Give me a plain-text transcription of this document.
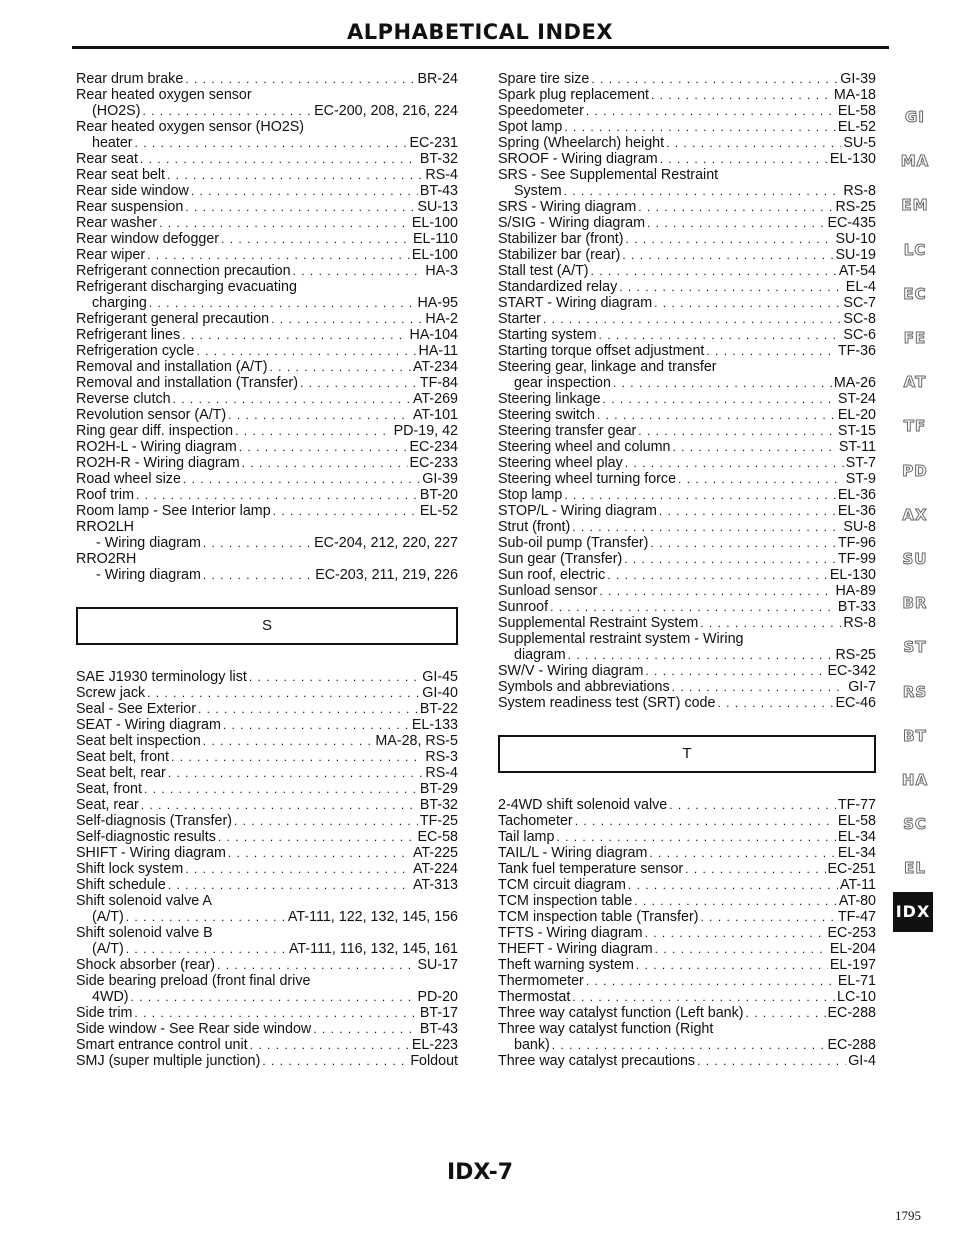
ALPHABETICAL INDEX
Rear drum brake . . .	BR-24
Rear heated oxygen sensor
(HO2S) . . .	EC-200, 208, 216, 224
Rear heated oxygen sensor (HO2S)
heater . . .	EC-231
Rear seat . . .	BT-32
Rear seat belt . . .	RS-4
Rear side window . . .	BT-43
Rear suspension . . .	SU-13
Rear washer . . .	EL-100
Rear window defogger . . .	EL-110
Rear wiper . . .	EL-100
Refrigerant connection precaution . . .	HA-3
Refrigerant discharging evacuating
charging . . .	HA-95
Refrigerant general precaution . . .	HA-2
Refrigerant lines . . .	HA-104
Refrigeration cycle . . .	HA-11
Removal and installation (A/T) . . .	AT-234
Removal and installation (Transfer) . . .	TF-84
Reverse clutch . . .	AT-269
Revolution sensor (A/T) . . .	AT-101
Ring gear diff. inspection . . .	PD-19, 42
RO2H-L - Wiring diagram . . .	EC-234
RO2H-R - Wiring diagram . . .	EC-233
Road wheel size . . .	GI-39
Roof trim . . .	BT-20
Room lamp - See Interior lamp . . .	EL-52
RRO2LH
- Wiring diagram . . .	EC-204, 212, 220, 227
RRO2RH
- Wiring diagram . . .	EC-203, 211, 219, 226
S
SAE J1930 terminology list . . .	GI-45
Screw jack . . .	GI-40
Seal - See Exterior . . .	BT-22
SEAT - Wiring diagram . . .	EL-133
Seat belt inspection . . .	MA-28, RS-5
Seat belt, front . . .	RS-3
Seat belt, rear . . .	RS-4
Seat, front . . .	BT-29
Seat, rear . . .	BT-32
Self-diagnosis (Transfer) . . .	TF-25
Self-diagnostic results . . .	EC-58
SHIFT - Wiring diagram . . .	AT-225
Shift lock system . . .	AT-224
Shift schedule . . .	AT-313
Shift solenoid valve A
(A/T) . . .	AT-111, 122, 132, 145, 156
Shift solenoid valve B
(A/T) . . .	AT-111, 116, 132, 145, 161
Shock absorber (rear) . . .	SU-17
Side bearing preload (front final drive
4WD) . . .	PD-20
Side trim . . .	BT-17
Side window - See Rear side window . . .	BT-43
Smart entrance control unit . . .	EL-223
SMJ (super multiple junction) . . .	Foldout
Spare tire size . . .	GI-39
Spark plug replacement . . .	MA-18
Speedometer . . .	EL-58
Spot lamp . . .	EL-52
Spring (Wheelarch) height . . .	SU-5
SROOF - Wiring diagram . . .	EL-130
SRS - See Supplemental Restraint
System . . .	RS-8
SRS - Wiring diagram . . .	RS-25
S/SIG - Wiring diagram . . .	EC-435
Stabilizer bar (front) . . .	SU-10
Stabilizer bar (rear) . . .	SU-19
Stall test (A/T) . . .	AT-54
Standardized relay . . .	EL-4
START - Wiring diagram . . .	SC-7
Starter . . .	SC-8
Starting system . . .	SC-6
Starting torque offset adjustment . . .	TF-36
Steering gear, linkage and transfer
gear inspection . . .	MA-26
Steering linkage . . .	ST-24
Steering switch . . .	EL-20
Steering transfer gear . . .	ST-15
Steering wheel and column . . .	ST-11
Steering wheel play . . .	ST-7
Steering wheel turning force . . .	ST-9
Stop lamp . . .	EL-36
STOP/L - Wiring diagram . . .	EL-36
Strut (front) . . .	SU-8
Sub-oil pump (Transfer) . . .	TF-96
Sun gear (Transfer) . . .	TF-99
Sun roof, electric . . .	EL-130
Sunload sensor . . .	HA-89
Sunroof . . .	BT-33
Supplemental Restraint System . . .	RS-8
Supplemental restraint system - Wiring
diagram . . .	RS-25
SW/V - Wiring diagram . . .	EC-342
Symbols and abbreviations . . .	GI-7
System readiness test (SRT) code . . .	EC-46
T
2-4WD shift solenoid valve . . .	TF-77
Tachometer . . .	EL-58
Tail lamp . . .	EL-34
TAIL/L - Wiring diagram . . .	EL-34
Tank fuel temperature sensor . . .	EC-251
TCM circuit diagram . . .	AT-11
TCM inspection table . . .	AT-80
TCM inspection table (Transfer) . . .	TF-47
TFTS - Wiring diagram . . .	EC-253
THEFT - Wiring diagram . . .	EL-204
Theft warning system . . .	EL-197
Thermometer . . .	EL-71
Thermostat . . .	LC-10
Three way catalyst function (Left bank) . . .	EC-288
Three way catalyst function (Right
bank) . . .	EC-288
Three way catalyst precautions . . .	GI-4
GI
MA
EM
LC
EC
FE
AT
TF
PD
AX
SU
BR
ST
RS
BT
HA
SC
EL
IDX
IDX-7
1795
